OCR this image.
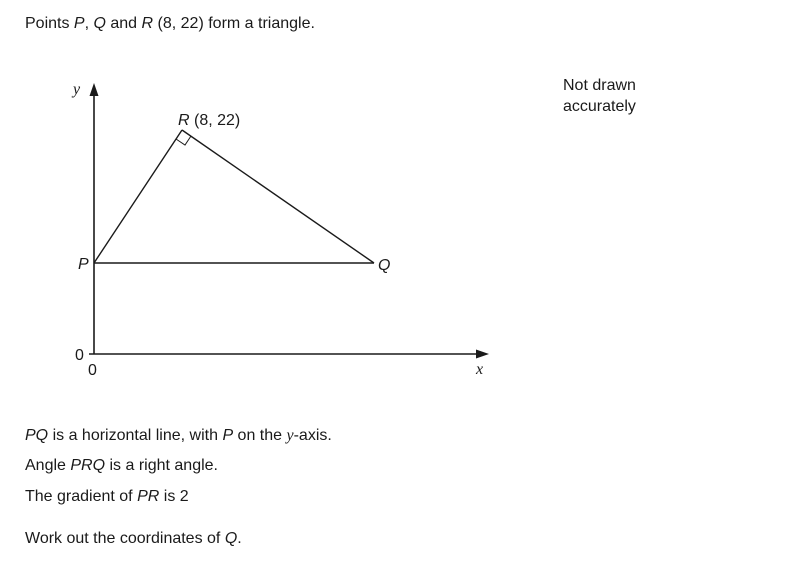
Points P, Q and R (8, 22) form a triangle.
Not drawn
accurately
y
x
0
0
P	Q
R (8, 22)
PQ is a horizontal line, with P on the y-axis.
Angle PRQ is a right angle.
The gradient of PR is 2
Work out the coordinates of Q.
